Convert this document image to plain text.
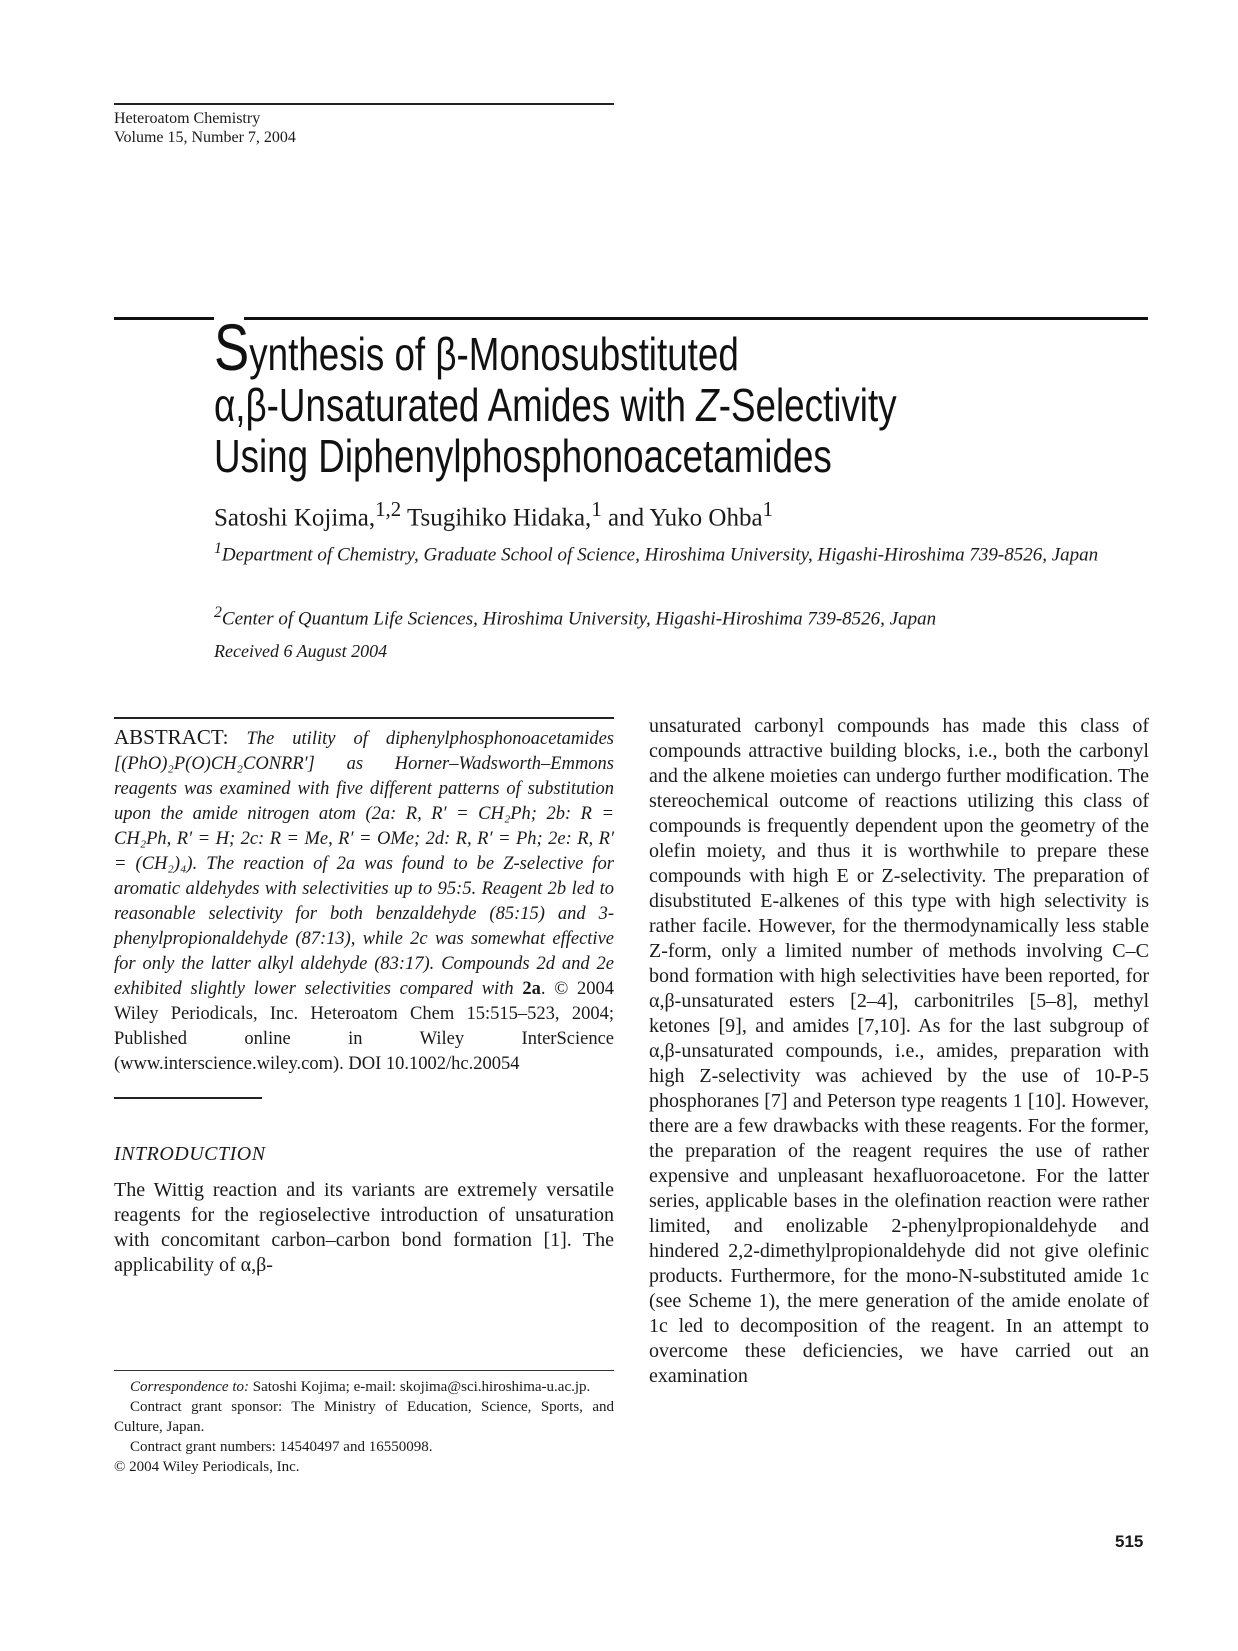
Heteroatom Chemistry
Volume 15, Number 7, 2004
Synthesis of β-Monosubstituted
α,β-Unsaturated Amides with Z-Selectivity
Using Diphenylphosphonoacetamides
Satoshi Kojima,$^{1,2}$ Tsugihiko Hidaka,$^1$ and Yuko Ohba$^1$
$^1$Department of Chemistry, Graduate School of Science, Hiroshima University, Higashi-Hiroshima 739-8526, Japan
$^2$Center of Quantum Life Sciences, Hiroshima University, Higashi-Hiroshima 739-8526, Japan
Received 6 August 2004
ABSTRACT: The utility of diphenylphosphonoacetamides [(PhO)₂P(O)CH₂CONRR′] as Horner–Wadsworth–Emmons reagents was examined with five different patterns of substitution upon the amide nitrogen atom (2a: R, R′ = CH₂Ph; 2b: R = CH₂Ph, R′ = H; 2c: R = Me, R′ = OMe; 2d: R, R′ = Ph; 2e: R, R′ = (CH₂)₄). The reaction of 2a was found to be Z-selective for aromatic aldehydes with selectivities up to 95:5. Reagent 2b led to reasonable selectivity for both benzaldehyde (85:15) and 3-phenylpropionaldehyde (87:13), while 2c was somewhat effective for only the latter alkyl aldehyde (83:17). Compounds 2d and 2e exhibited slightly lower selectivities compared with 2a. © 2004 Wiley Periodicals, Inc. Heteroatom Chem 15:515–523, 2004; Published online in Wiley InterScience (www.interscience.wiley.com). DOI 10.1002/hc.20054
INTRODUCTION
The Wittig reaction and its variants are extremely versatile reagents for the regioselective introduction of unsaturation with concomitant carbon–carbon bond formation [1]. The applicability of α,β-

Correspondence to: Satoshi Kojima; e-mail: skojima@sci.hiroshima-u.ac.jp.

Contract grant sponsor: The Ministry of Education, Science, Sports, and Culture, Japan.

Contract grant numbers: 14540497 and 16550098.

© 2004 Wiley Periodicals, Inc.

unsaturated carbonyl compounds has made this class of compounds attractive building blocks, i.e., both the carbonyl and the alkene moieties can undergo further modification. The stereochemical outcome of reactions utilizing this class of compounds is frequently dependent upon the geometry of the olefin moiety, and thus it is worthwhile to prepare these compounds with high E or Z-selectivity. The preparation of disubstituted E-alkenes of this type with high selectivity is rather facile. However, for the thermodynamically less stable Z-form, only a limited number of methods involving C–C bond formation with high selectivities have been reported, for α,β-unsaturated esters [2–4], carbonitriles [5–8], methyl ketones [9], and amides [7,10]. As for the last subgroup of α,β-unsaturated compounds, i.e., amides, preparation with high Z-selectivity was achieved by the use of 10-P-5 phosphoranes [7] and Peterson type reagents 1 [10]. However, there are a few drawbacks with these reagents. For the former, the preparation of the reagent requires the use of rather expensive and unpleasant hexafluoroacetone. For the latter series, applicable bases in the olefination reaction were rather limited, and enolizable 2-phenylpropionaldehyde and hindered 2,2-dimethylpropionaldehyde did not give olefinic products. Furthermore, for the mono-N-substituted amide 1c (see Scheme 1), the mere generation of the amide enolate of 1c led to decomposition of the reagent. In an attempt to overcome these deficiencies, we have carried out an examination
515
